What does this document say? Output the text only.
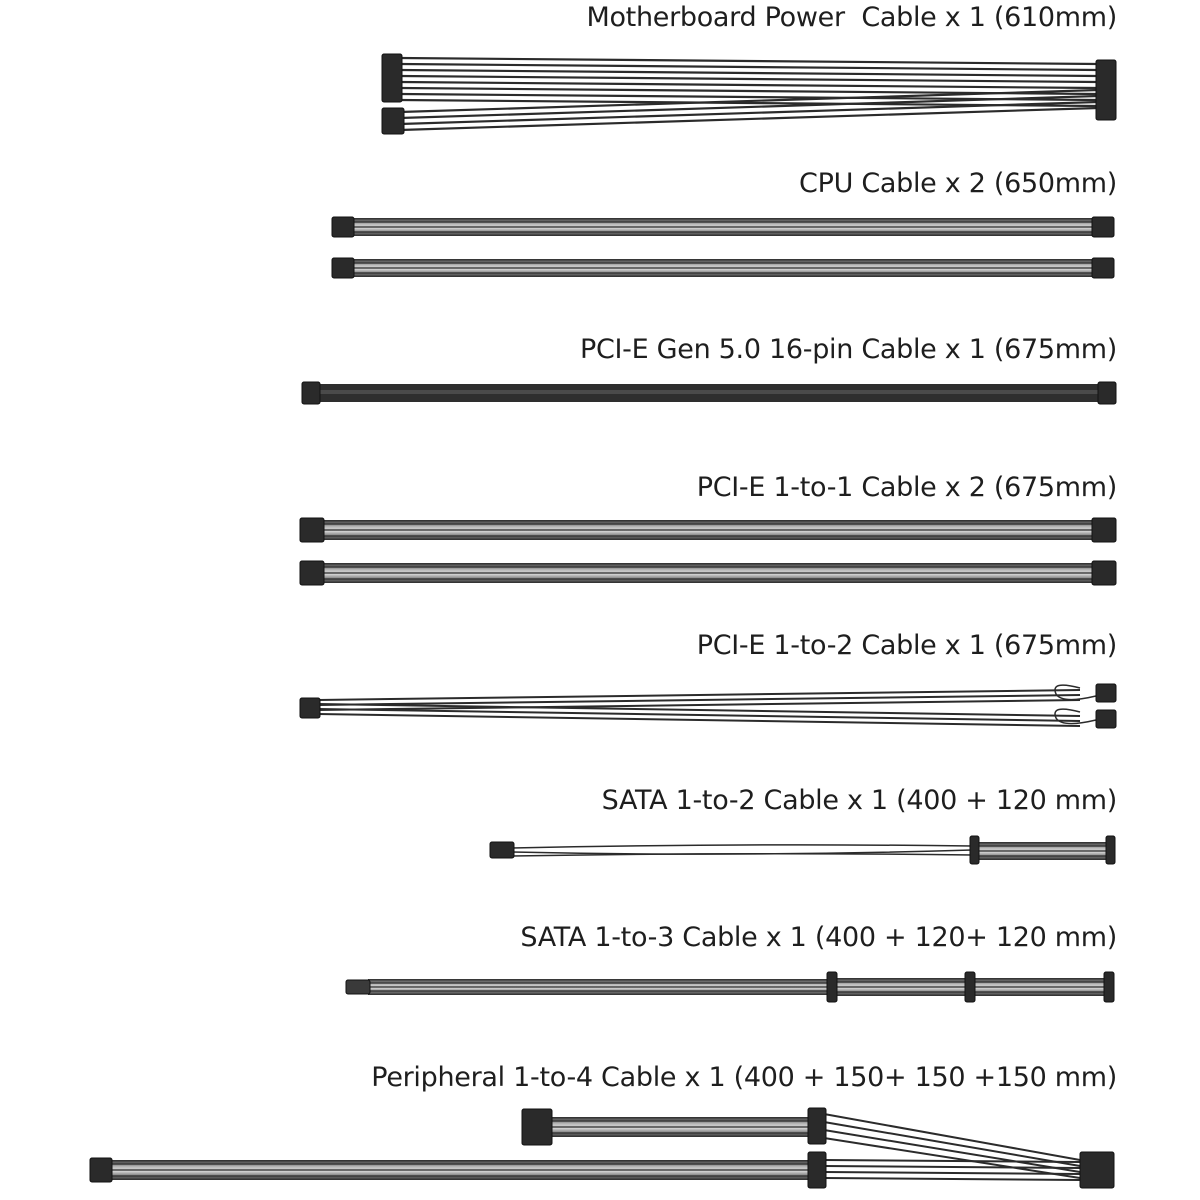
Motherboard Power  Cable x 1 (610mm)
CPU Cable x 2 (650mm)
PCI-E Gen 5.0 16-pin Cable x 1 (675mm)
PCI-E 1-to-1 Cable x 2 (675mm)
PCI-E 1-to-2 Cable x 1 (675mm)
SATA 1-to-2 Cable x 1 (400 + 120 mm)
SATA 1-to-3 Cable x 1 (400 + 120+ 120 mm)
Peripheral 1-to-4 Cable x 1 (400 + 150+ 150 +150 mm)
